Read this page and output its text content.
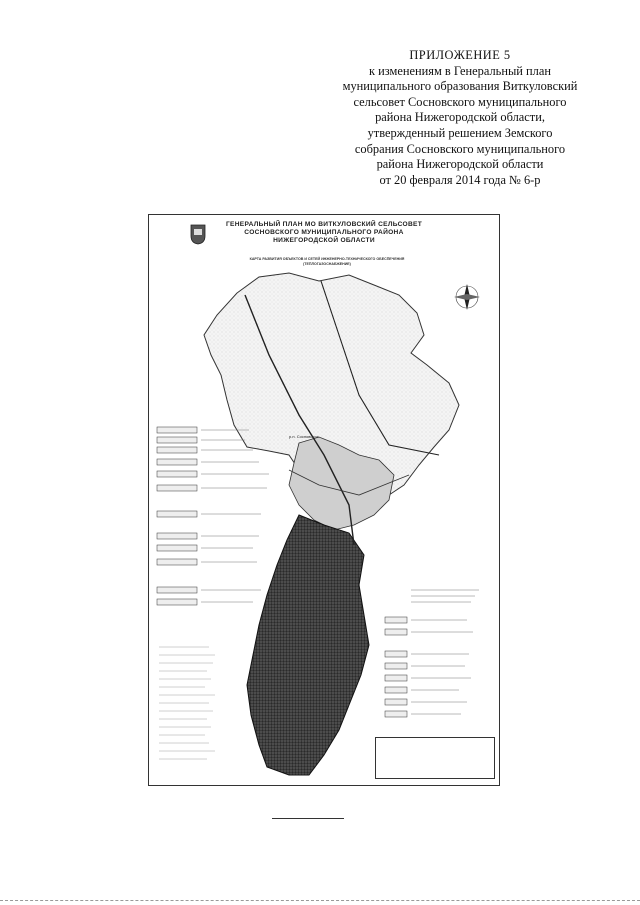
ПРИЛОЖЕНИЕ 5
к изменениям в Генеральный план
муниципального образования Виткуловский
сельсовет Сосновского муниципального
района Нижегородской области,
утвержденный решением Земского
собрания Сосновского муниципального
района Нижегородской области
от 20 февраля 2014 года № 6-р
ГЕНЕРАЛЬНЫЙ ПЛАН МО ВИТКУЛОВСКИЙ СЕЛЬСОВЕТ
СОСНОВСКОГО МУНИЦИПАЛЬНОГО РАЙОНА
НИЖЕГОРОДСКОЙ ОБЛАСТИ
КАРТА РАЗВИТИЯ ОБЪЕКТОВ И СЕТЕЙ ИНЖЕНЕРНО-ТЕХНИЧЕСКОГО ОБЕСПЕЧЕНИЯ
(ТЕПЛОГАЗОСНАБЖЕНИЕ)
р.п. Сосновское
